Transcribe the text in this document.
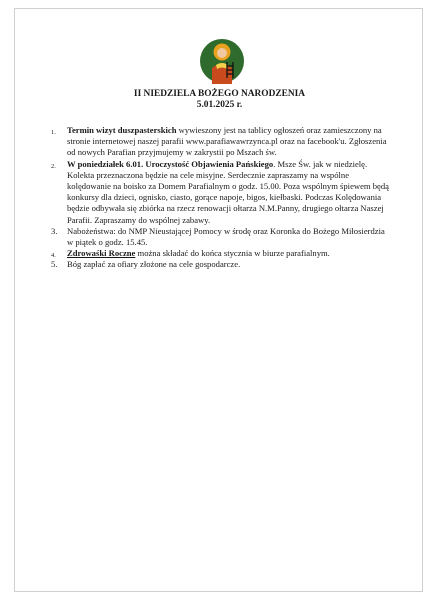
II NIEDZIELA BOŻEGO NARODZENIA
5.01.2025 r.
1. Termin wizyt duszpasterskich wywieszony jest na tablicy ogłoszeń oraz zamieszczony na stronie internetowej naszej parafii www.parafiawawrzynca.pl oraz na facebook'u. Zgłoszenia od nowych Parafian przyjmujemy w zakrystii po Mszach św.
2. W poniedziałek 6.01. Uroczystość Objawienia Pańskiego. Msze Św. jak w niedzielę. Kolekta przeznaczona będzie na cele misyjne. Serdecznie zapraszamy na wspólne kolędowanie na boisko za Domem Parafialnym o godz. 15.00. Poza wspólnym śpiewem będą konkursy dla dzieci, ognisko, ciasto, gorące napoje, bigos, kiełbaski. Podczas Kolędowania będzie odbywała się zbiórka na rzecz renowacji ołtarza N.M.Panny, drugiego ołtarza Naszej Parafii. Zapraszamy do wspólnej zabawy.
3. Nabożeństwa: do NMP Nieustającej Pomocy w środę oraz Koronka do Bożego Miłosierdzia w piątek o godz. 15.45.
4. Zdrowaśki Roczne można składać do końca stycznia w biurze parafialnym.
5. Bóg zapłać za ofiary złożone na cele gospodarcze.
